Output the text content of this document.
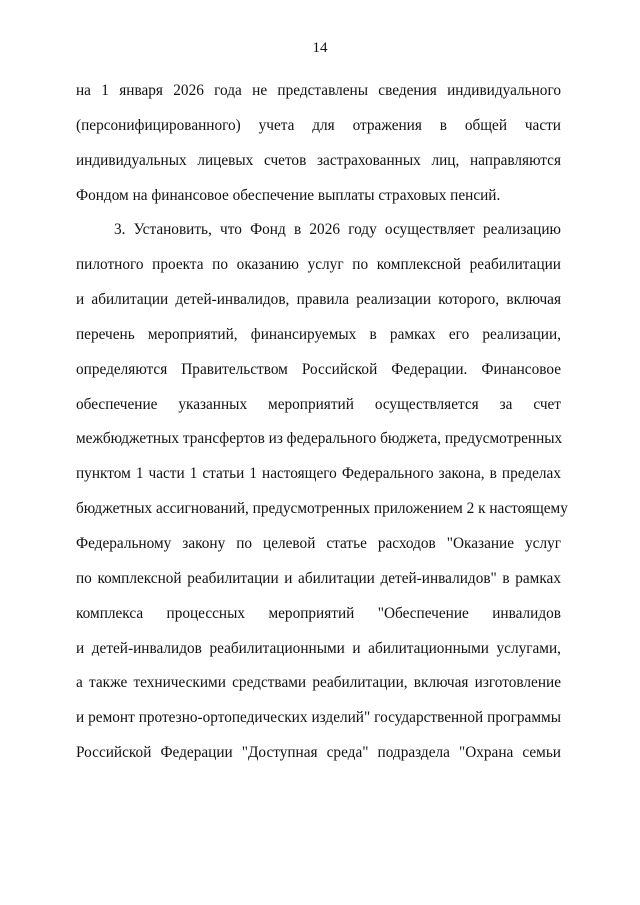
14
на 1 января 2026 года не представлены сведения индивидуального
(персонифицированного) учета для отражения в общей части
индивидуальных лицевых счетов застрахованных лиц, направляются
Фондом на финансовое обеспечение выплаты страховых пенсий.
3. Установить, что Фонд в 2026 году осуществляет реализацию
пилотного проекта по оказанию услуг по комплексной реабилитации
и абилитации детей-инвалидов, правила реализации которого, включая
перечень мероприятий, финансируемых в рамках его реализации,
определяются Правительством Российской Федерации. Финансовое
обеспечение указанных мероприятий осуществляется за счет
межбюджетных трансфертов из федерального бюджета, предусмотренных
пунктом 1 части 1 статьи 1 настоящего Федерального закона, в пределах
бюджетных ассигнований, предусмотренных приложением 2 к настоящему
Федеральному закону по целевой статье расходов "Оказание услуг
по комплексной реабилитации и абилитации детей-инвалидов" в рамках
комплекса процессных мероприятий "Обеспечение инвалидов
и детей-инвалидов реабилитационными и абилитационными услугами,
а также техническими средствами реабилитации, включая изготовление
и ремонт протезно-ортопедических изделий" государственной программы
Российской Федерации "Доступная среда" подраздела "Охрана семьи
